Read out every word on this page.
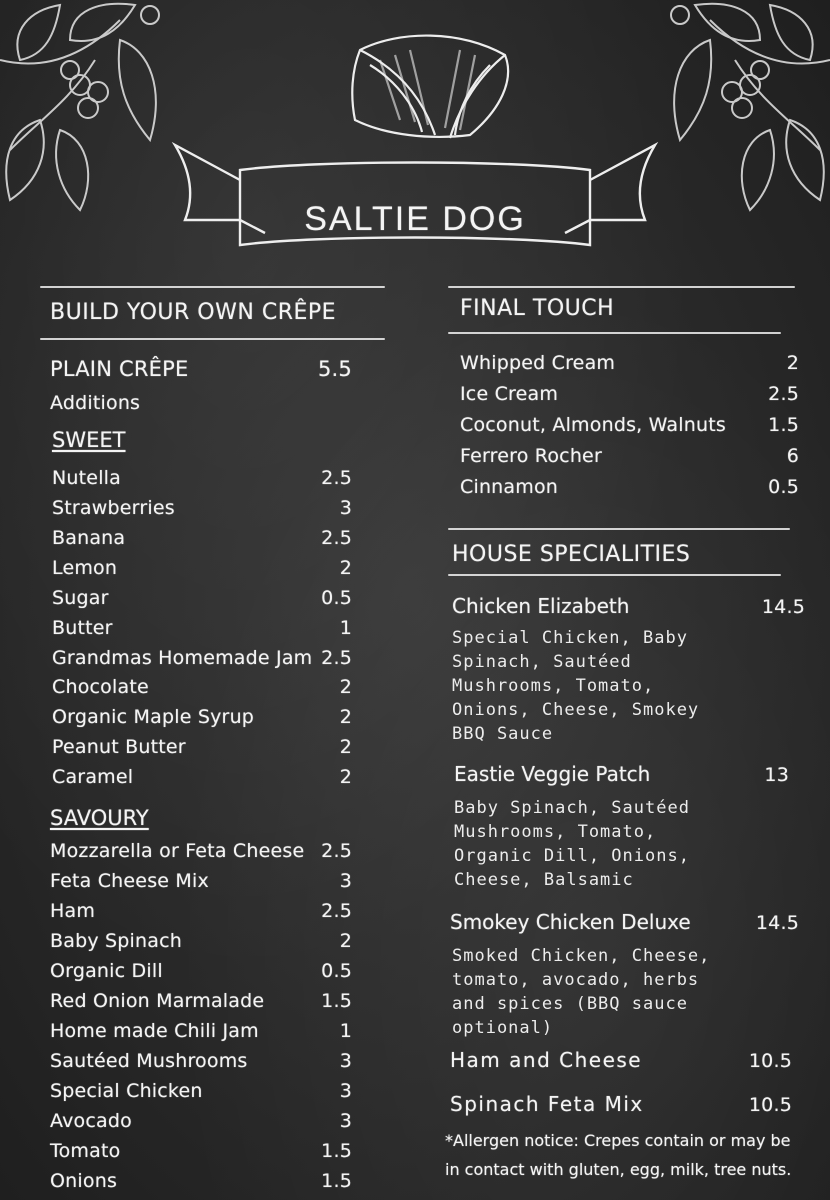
SALTIE DOG
BUILD YOUR OWN CRÊPE
PLAIN CRÊPE	5.5
Additions
SWEET
Nutella	2.5
Strawberries	3
Banana	2.5
Lemon	2
Sugar	0.5
Butter	1
Grandmas Homemade Jam 2.5
Chocolate	2
Organic Maple Syrup	2
Peanut Butter	2
Caramel	2
SAVOURY
Mozzarella or Feta Cheese 2.5
Feta Cheese Mix	3
Ham	2.5
Baby Spinach	2
Organic Dill	0.5
Red Onion Marmalade	1.5
Home made Chili Jam	1
Sautéed Mushrooms	3
Special Chicken	3
Avocado	3
Tomato	1.5
Onions	1.5
FINAL TOUCH
Whipped Cream	2
Ice Cream	2.5
Coconut, Almonds, Walnuts 1.5
Ferrero Rocher	6
Cinnamon	0.5
HOUSE SPECIALITIES
Chicken Elizabeth	14.5
Special Chicken, Baby
Spinach, Sautéed
Mushrooms, Tomato,
Onions, Cheese, Smokey
BBQ Sauce
Eastie Veggie Patch	13
Baby Spinach, Sautéed
Mushrooms, Tomato,
Organic Dill, Onions,
Cheese, Balsamic
Smokey Chicken Deluxe	14.5
Smoked Chicken, Cheese,
tomato, avocado, herbs
and spices (BBQ sauce
optional)
Ham and Cheese	10.5
Spinach Feta Mix	10.5
*Allergen notice: Crepes contain or may be
in contact with gluten, egg, milk, tree nuts.
